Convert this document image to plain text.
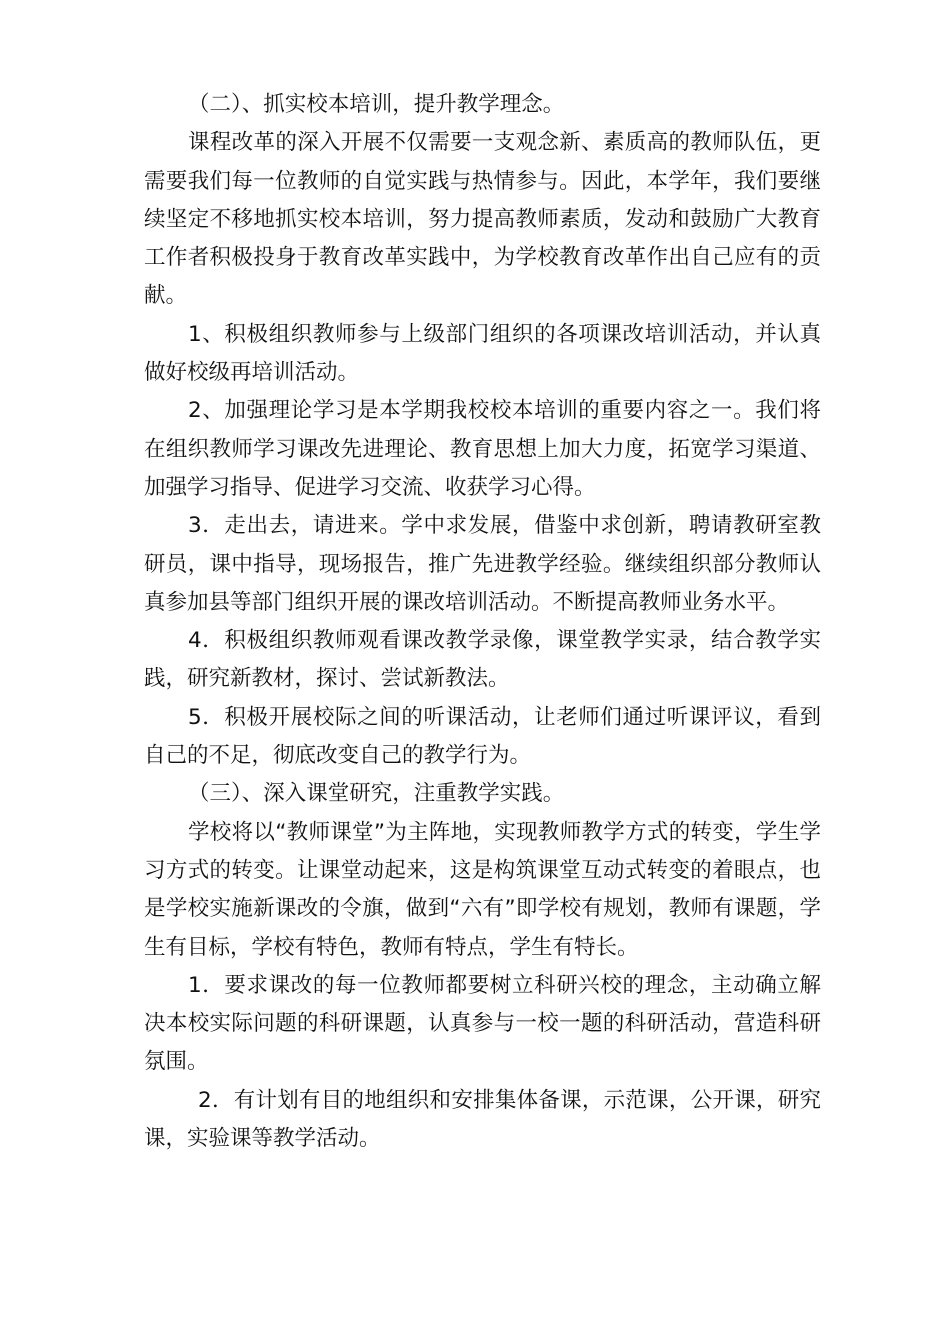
（二）、抓实校本培训，提升教学理念。

课程改革的深入开展不仅需要一支观念新、素质高的教师队伍，更需要我们每一位教师的自觉实践与热情参与。因此，本学年，我们要继续坚定不移地抓实校本培训，努力提高教师素质，发动和鼓励广大教育工作者积极投身于教育改革实践中，为学校教育改革作出自己应有的贡献。

1、积极组织教师参与上级部门组织的各项课改培训活动，并认真做好校级再培训活动。

2、加强理论学习是本学期我校校本培训的重要内容之一。我们将在组织教师学习课改先进理论、教育思想上加大力度，拓宽学习渠道、加强学习指导、促进学习交流、收获学习心得。

3．走出去，请进来。学中求发展，借鉴中求创新，聘请教研室教研员，课中指导，现场报告，推广先进教学经验。继续组织部分教师认真参加县等部门组织开展的课改培训活动。不断提高教师业务水平。

4．积极组织教师观看课改教学录像，课堂教学实录，结合教学实践，研究新教材，探讨、尝试新教法。

5．积极开展校际之间的听课活动，让老师们通过听课评议，看到自己的不足，彻底改变自己的教学行为。

（三）、深入课堂研究，注重教学实践。

学校将以“教师课堂”为主阵地，实现教师教学方式的转变，学生学习方式的转变。让课堂动起来，这是构筑课堂互动式转变的着眼点，也是学校实施新课改的令旗，做到“六有”即学校有规划，教师有课题，学生有目标，学校有特色，教师有特点，学生有特长。

1．要求课改的每一位教师都要树立科研兴校的理念，主动确立解决本校实际问题的科研课题，认真参与一校一题的科研活动，营造科研氛围。

2．有计划有目的地组织和安排集体备课，示范课，公开课，研究课，实验课等教学活动。
